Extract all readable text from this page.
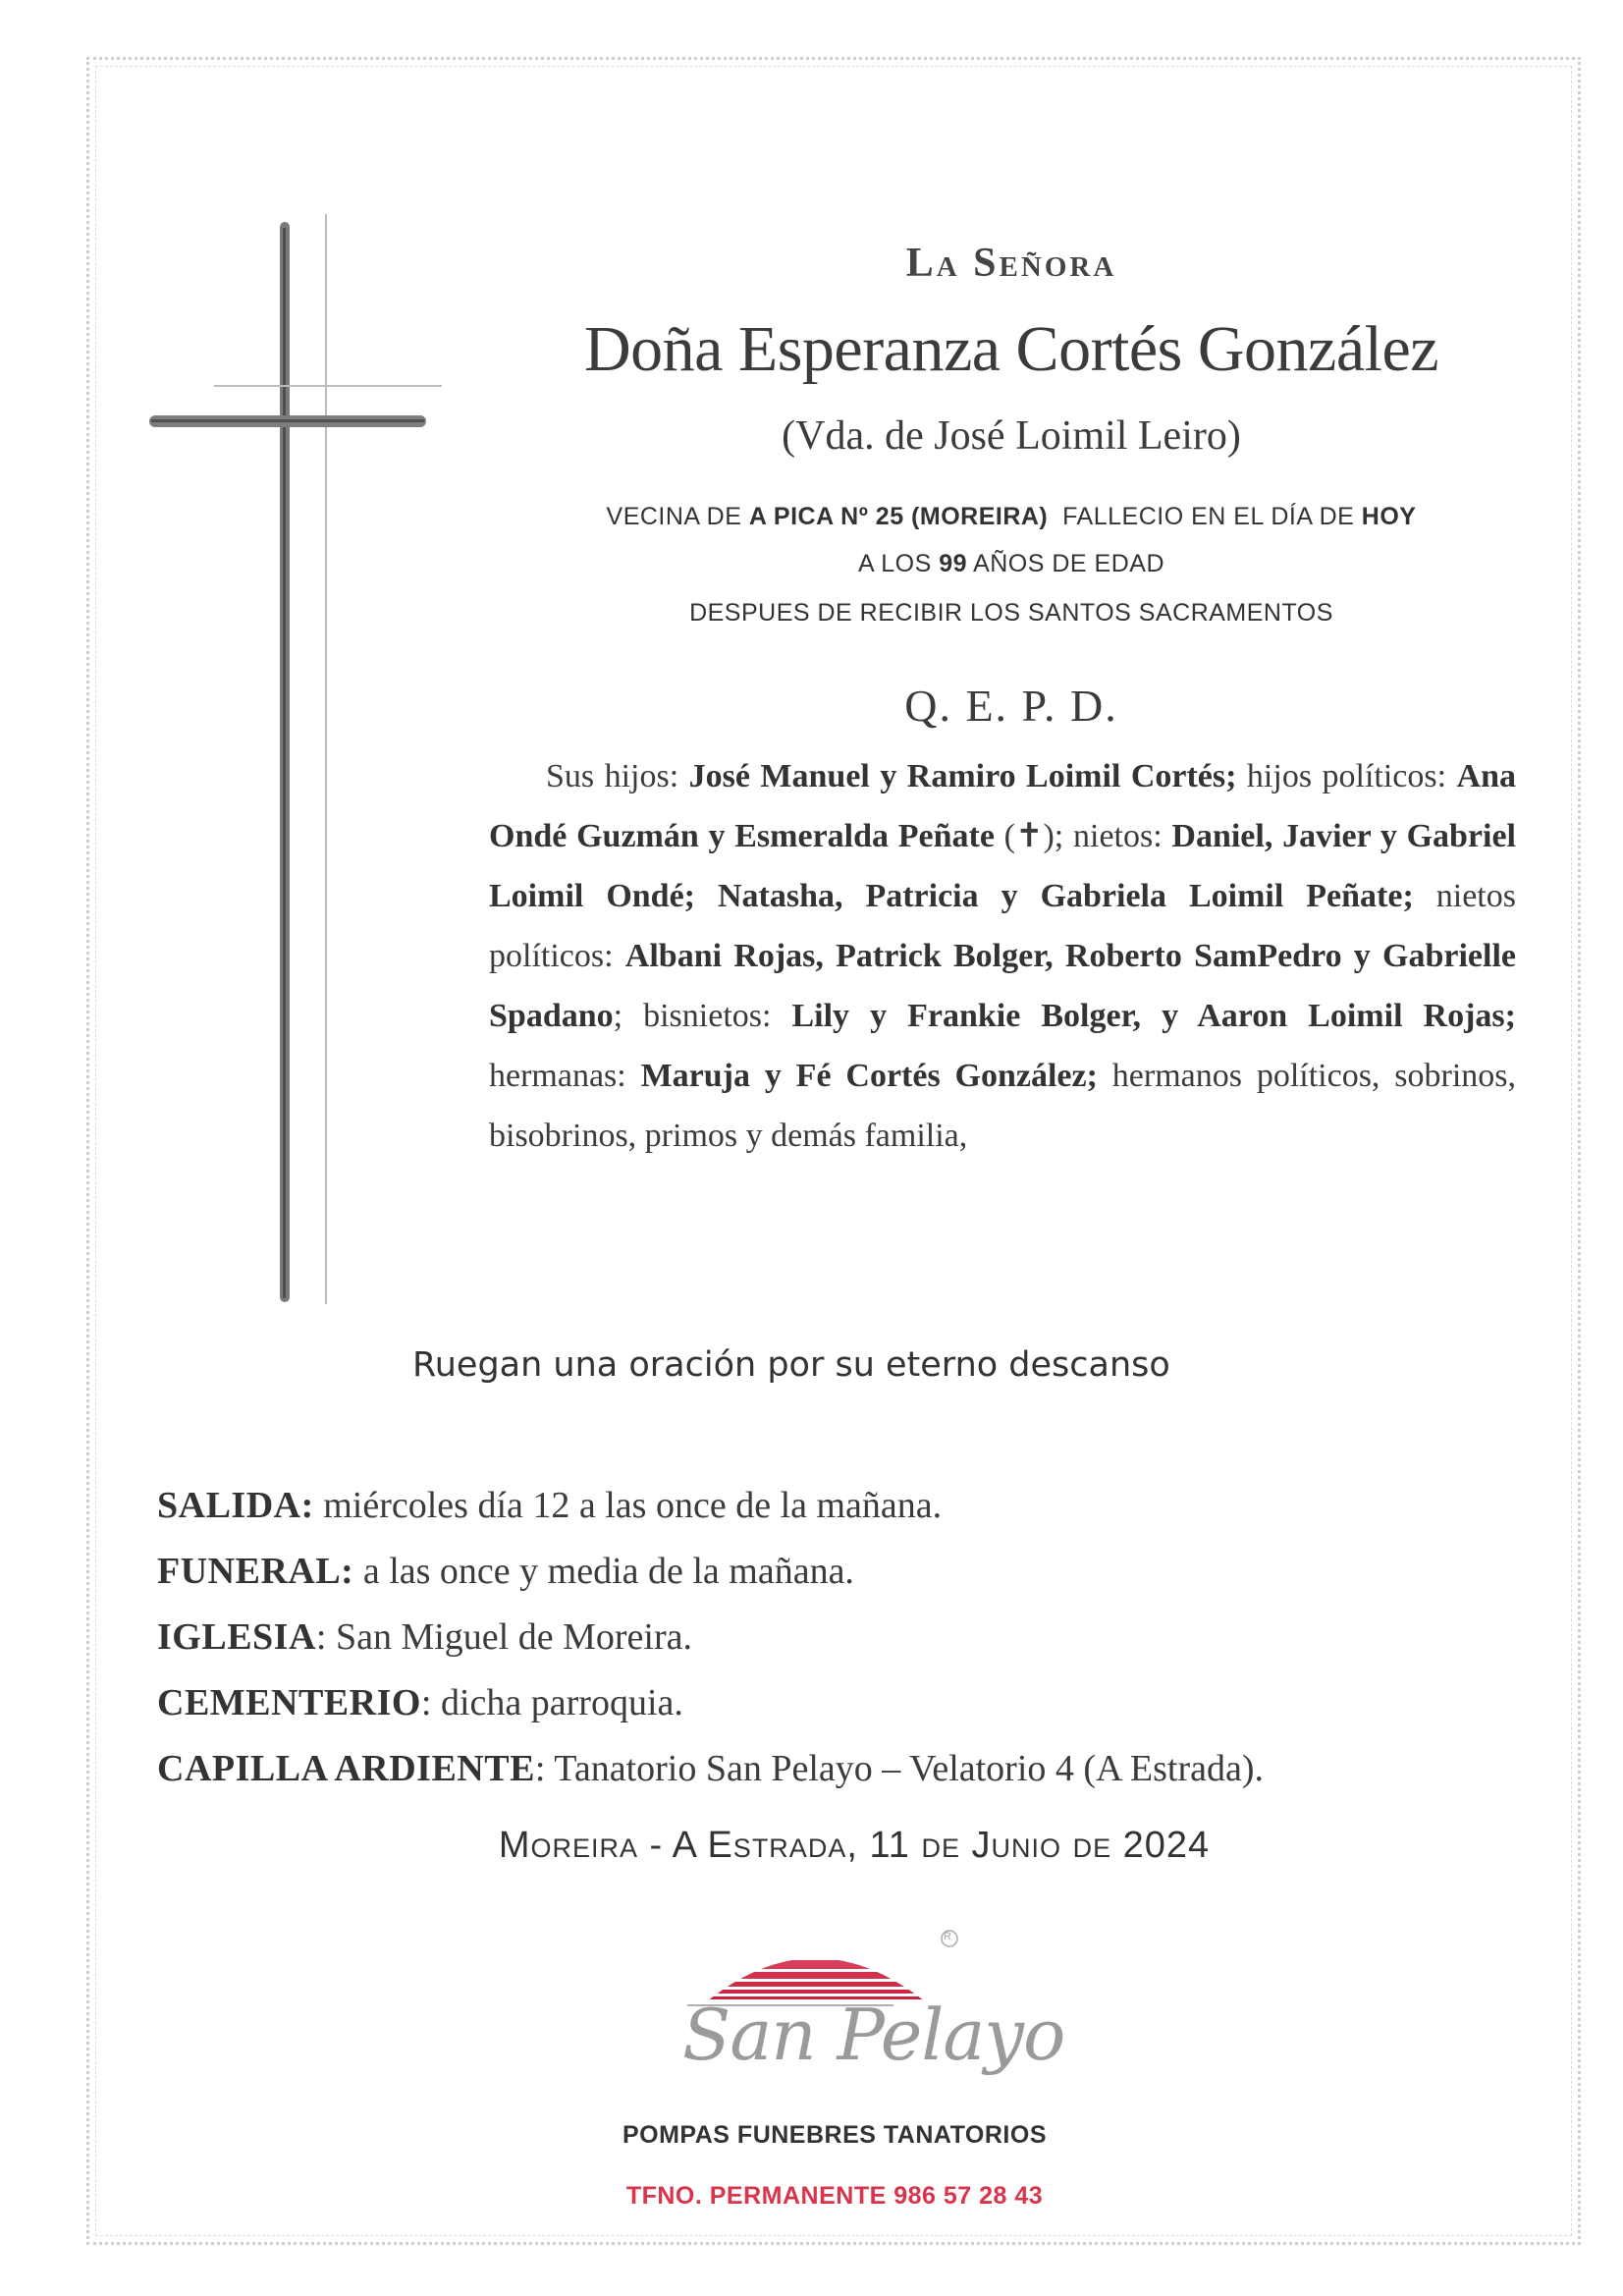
La Señora
Doña Esperanza Cortés González
(Vda. de José Loimil Leiro)
VECINA DE A PICA Nº 25 (MOREIRA)  FALLECIO EN EL DÍA DE HOY
A LOS 99 AÑOS DE EDAD
DESPUES DE RECIBIR LOS SANTOS SACRAMENTOS
Q. E. P. D.
Sus hijos: José Manuel y Ramiro Loimil Cortés; hijos políticos: Ana Ondé Guzmán y Esmeralda Peñate (✝); nietos: Daniel, Javier y Gabriel Loimil Ondé; Natasha, Patricia y Gabriela Loimil Peñate; nietos políticos: Albani Rojas, Patrick Bolger, Roberto SamPedro y Gabrielle Spadano; bisnietos: Lily y Frankie Bolger, y Aaron Loimil Rojas; hermanas: Maruja y Fé Cortés González; hermanos políticos, sobrinos, bisobrinos, primos y demás familia,
Ruegan una oración por su eterno descanso
SALIDA: miércoles día 12 a las once de la mañana.
FUNERAL: a las once y media de la mañana.
IGLESIA: San Miguel de Moreira.
CEMENTERIO: dicha parroquia.
CAPILLA ARDIENTE: Tanatorio San Pelayo – Velatorio 4 (A Estrada).
Moreira - A Estrada, 11 de Junio de 2024
San Pelayo
R
POMPAS FUNEBRES TANATORIOS
TFNO. PERMANENTE 986 57 28 43
